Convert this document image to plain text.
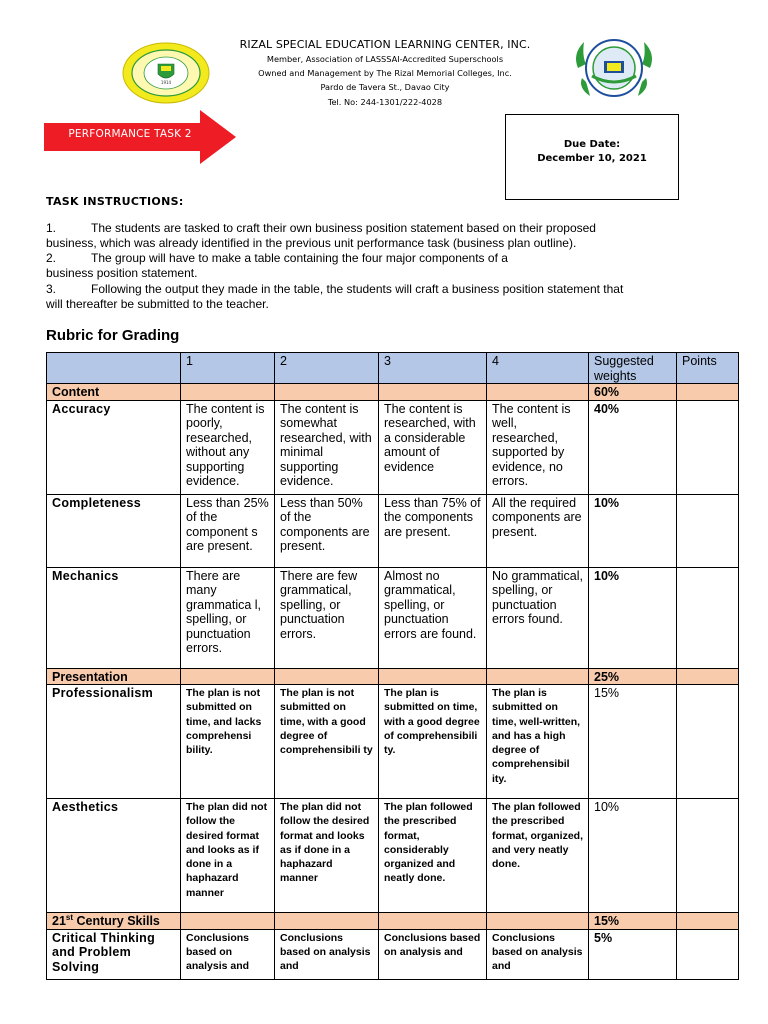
1914
RIZAL SPECIAL EDUCATION LEARNING CENTER, INC.
Member, Association of LASSSAI-Accredited Superschools
Owned and Management by The Rizal Memorial Colleges, Inc.
Pardo de Tavera St., Davao City
Tel. No: 244-1301/222-4028
PERFORMANCE TASK 2
Due Date:
December 10, 2021
TASK INSTRUCTIONS:
1.	The students are tasked to craft their own business position statement based on their proposed
business, which was already identified in the previous unit performance task (business plan outline).
2.	The group will have to make a table containing the four major components of a
business position statement.
3.	Following the output they made in the table, the students will craft a business position statement that
will thereafter be submitted to the teacher.
Rubric for Grading
	1	2	3	4	Suggested weights	Points
Content					60%	
Accuracy	The content is poorly, researched, without any supporting evidence.	The content is somewhat researched, with minimal supporting evidence.	The content is researched, with a considerable amount of evidence	The content is well, researched, supported by evidence, no errors.	40%	
Completeness	Less than 25% of the component s are present.	Less than 50% of the components are present.	Less than 75% of the components are present.	All the required components are present.	10%	
Mechanics	There are many grammatica l, spelling, or punctuation errors.	There are few grammatical, spelling, or punctuation errors.	Almost no grammatical, spelling, or punctuation errors are found.	No grammatical, spelling, or punctuation errors found.	10%	
Presentation					25%	
Professionalism	The plan is not submitted on time, and lacks comprehensi bility.	The plan is not submitted on time, with a good degree of comprehensibili ty	The plan is submitted on time, with a good degree of comprehensibili ty.	The plan is submitted on time, well-written, and has a high degree of comprehensibil ity.	15%	
Aesthetics	The plan did not follow the desired format and looks as if done in a haphazard manner	The plan did not follow the desired format and looks as if done in a haphazard manner	The plan followed the prescribed format, considerably organized and neatly done.	The plan followed the prescribed format, organized, and very neatly done.	10%	
21st Century Skills					15%	
Critical Thinking and Problem Solving	Conclusions based on analysis and	Conclusions based on analysis and	Conclusions based on analysis and	Conclusions based on analysis and	5%	
